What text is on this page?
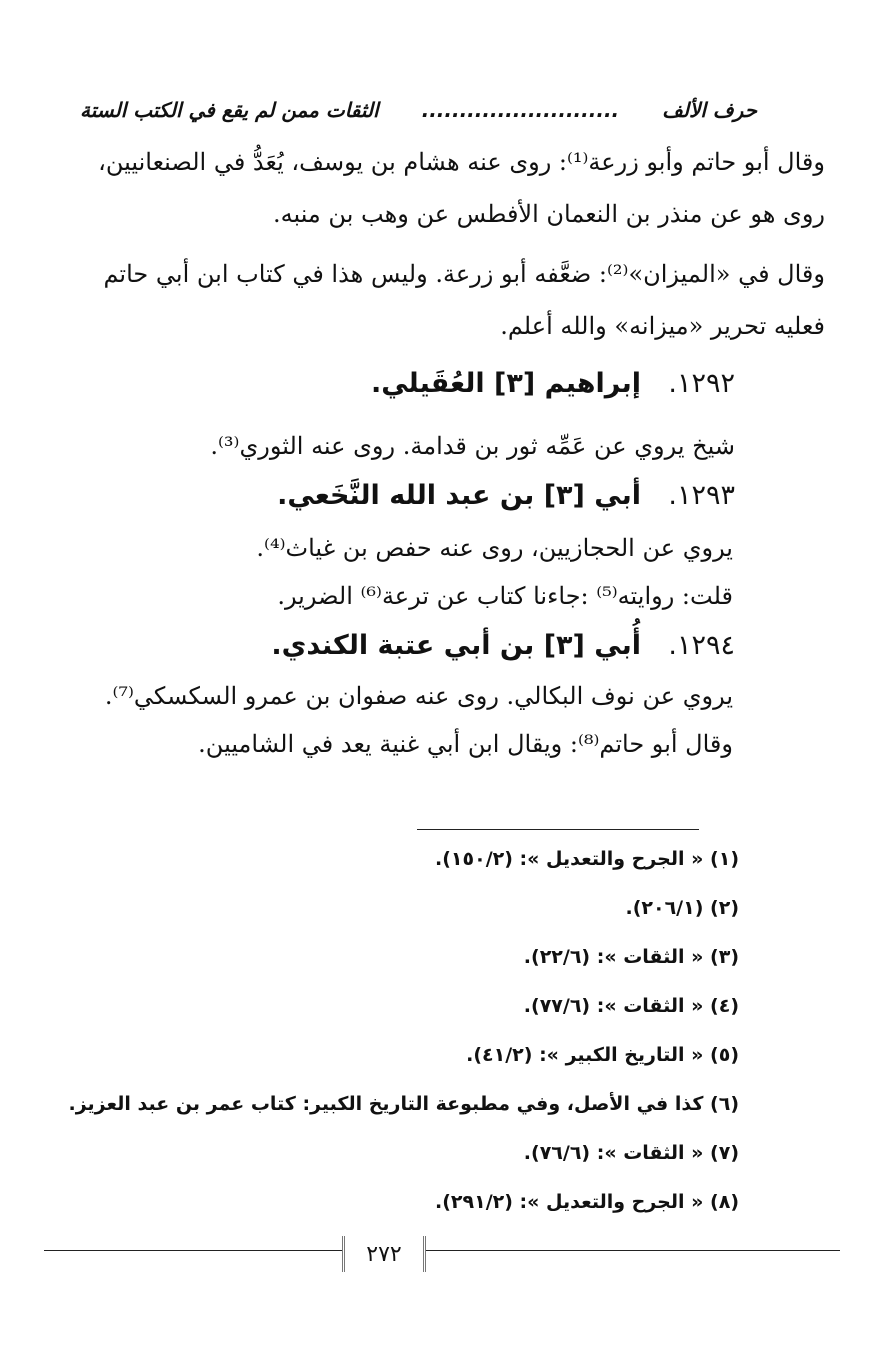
حرف الألف
..........................
الثقات ممن لم يقع في الكتب الستة
وقال أبو حاتم وأبو زرعة⁽¹⁾: روى عنه هشام بن يوسف، يُعَدُّ في الصنعانيين،
روى هو عن منذر بن النعمان الأفطس عن وهب بن منبه.
وقال في «الميزان»⁽²⁾: ضعَّفه أبو زرعة. وليس هذا في كتاب ابن أبي حاتم
فعليه تحرير «ميزانه» والله أعلم.
١٢٩٢. إبراهيم [٣] العُقَيلي.
شيخ يروي عن عَمِّه ثور بن قدامة. روى عنه الثوري⁽³⁾.
١٢٩٣. أبي [٣] بن عبد الله النَّخَعي.
يروي عن الحجازيين، روى عنه حفص بن غياث⁽⁴⁾.
قلت: روايته⁽⁵⁾ :جاءنا كتاب عن ترعة⁽⁶⁾ الضرير.
١٢٩٤. أُبي [٣] بن أبي عتبة الكندي.
يروي عن نوف البكالي. روى عنه صفوان بن عمرو السكسكي⁽⁷⁾.
وقال أبو حاتم⁽⁸⁾: ويقال ابن أبي غنية يعد في الشاميين.
(١) « الجرح والتعديل »: (١٥٠/٢).
(٢) (٢٠٦/١).
(٣) « الثقات »: (٢٢/٦).
(٤) « الثقات »: (٧٧/٦).
(٥) « التاريخ الكبير »: (٤١/٢).
(٦) كذا في الأصل، وفي مطبوعة التاريخ الكبير: كتاب عمر بن عبد العزيز.
(٧) « الثقات »: (٧٦/٦).
(٨) « الجرح والتعديل »: (٢٩١/٢).
٢٧٢
